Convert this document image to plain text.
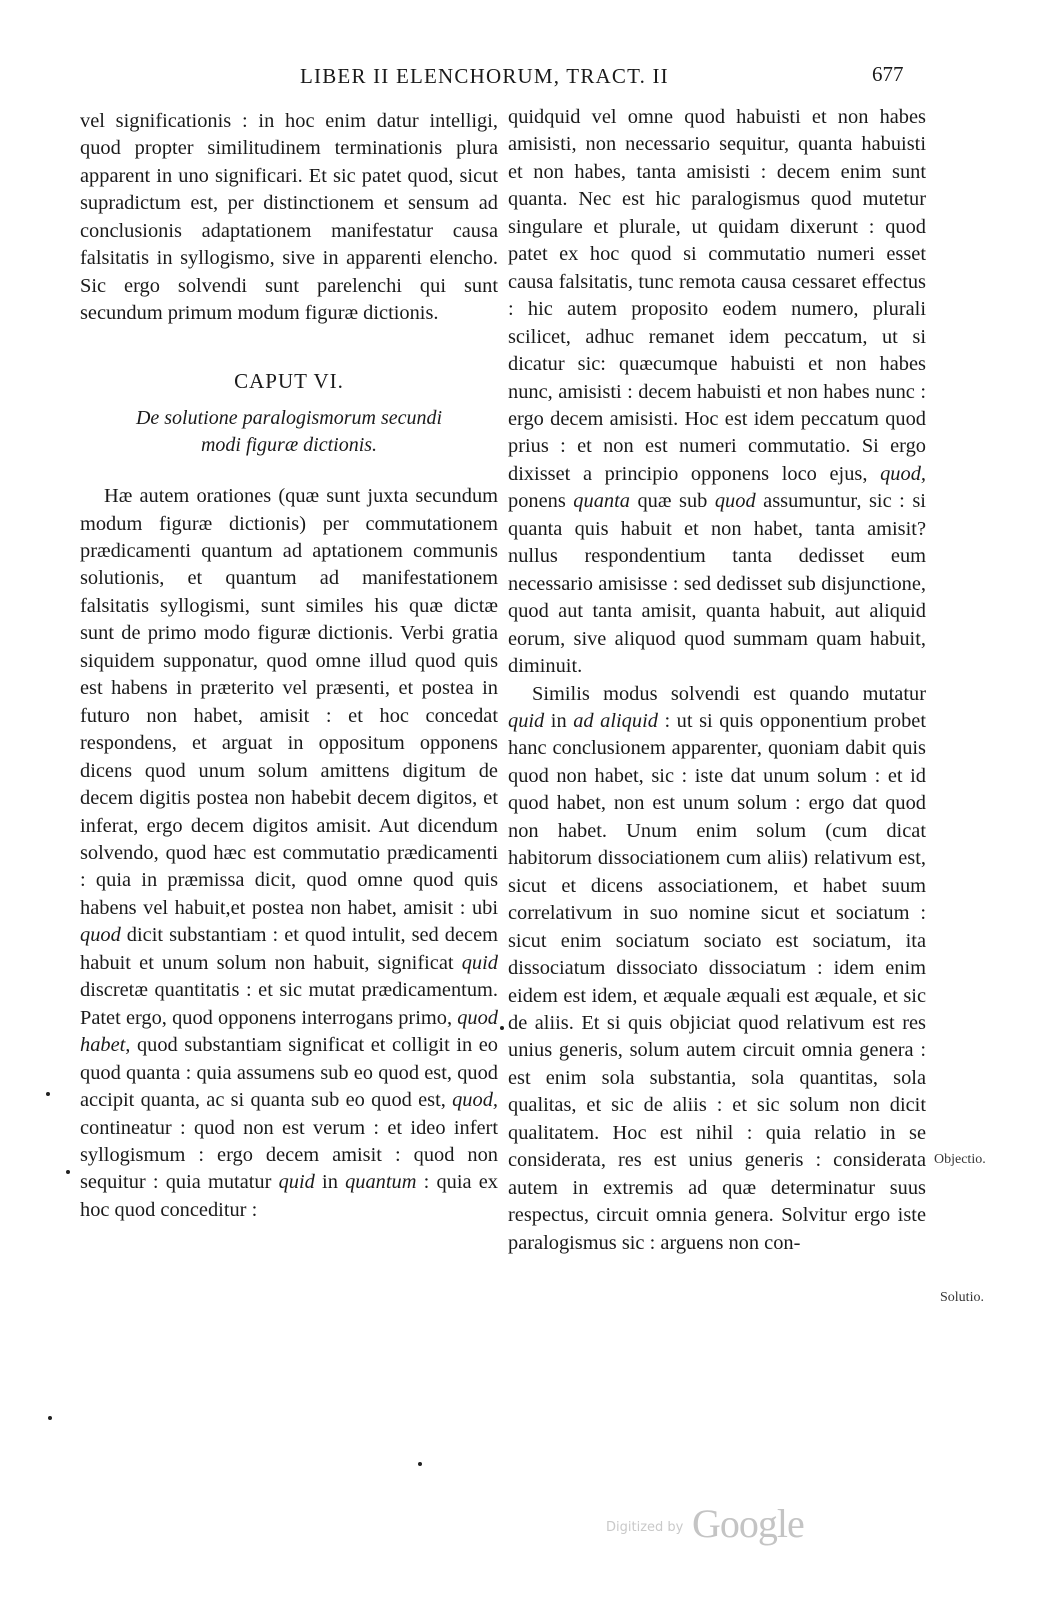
LIBER II ELENCHORUM, TRACT. II	677

vel significationis : in hoc enim datur intelligi, quod propter similitudinem terminationis plura apparent in uno significari. Et sic patet quod, sicut supradictum est, per distinctionem et sensum ad conclusionis adaptationem manifestatur causa falsitatis in syllogismo, sive in apparenti elencho. Sic ergo solvendi sunt parelenchi qui sunt secundum primum modum figuræ dictionis.

CAPUT VI.
De solutione paralogismorum secundi
modi figuræ dictionis.

Hæ autem orationes (quæ sunt juxta secundum modum figuræ dictionis) per commutationem prædicamenti quantum ad aptationem communis solutionis, et quantum ad manifestationem falsitatis syllogismi, sunt similes his quæ dictæ sunt de primo modo figuræ dictionis. Verbi gratia siquidem supponatur, quod omne illud quod quis est habens in præterito vel præsenti, et postea in futuro non habet, amisit : et hoc concedat respondens, et arguat in oppositum opponens dicens quod unum solum amittens digitum de decem digitis postea non habebit decem digitos, et inferat, ergo decem digitos amisit. Aut dicendum solvendo, quod hæc est commutatio prædicamenti : quia in præmissa dicit, quod omne quod quis habens vel habuit,et postea non habet, amisit : ubi quod dicit substantiam : et quod intulit, sed decem habuit et unum solum non habuit, significat quid discretæ quantitatis : et sic mutat prædicamentum. Patet ergo, quod opponens interrogans primo, quod habet, quod substantiam significat et colligit in eo quod quanta : quia assumens sub eo quod est, quod accipit quanta, ac si quanta sub eo quod est, quod, contineatur : quod non est verum : et ideo infert syllogismum : ergo decem amisit : quod non sequitur : quia mutatur quid in quantum : quia ex hoc quod conceditur :

quidquid vel omne quod habuisti et non habes amisisti, non necessario sequitur, quanta habuisti et non habes, tanta amisisti : decem enim sunt quanta. Nec est hic paralogismus quod mutetur singulare et plurale, ut quidam dixerunt : quod patet ex hoc quod si commutatio numeri esset causa falsitatis, tunc remota causa cessaret effectus : hic autem proposito eodem numero, plurali scilicet, adhuc remanet idem peccatum, ut si dicatur sic: quæcumque habuisti et non habes nunc, amisisti : decem habuisti et non habes nunc : ergo decem amisisti. Hoc est idem peccatum quod prius : et non est numeri commutatio. Si ergo dixisset a principio opponens loco ejus, quod, ponens quanta quæ sub quod assumuntur, sic : si quanta quis habuit et non habet, tanta amisit? nullus respondentium tanta dedisset eum necessario amisisse : sed dedisset sub disjunctione, quod aut tanta amisit, quanta habuit, aut aliquid eorum, sive aliquod quod summam quam habuit, diminuit.

Similis modus solvendi est quando mutatur quid in ad aliquid : ut si quis opponentium probet hanc conclusionem apparenter, quoniam dabit quis quod non habet, sic : iste dat unum solum : et id quod habet, non est unum solum : ergo dat quod non habet. Unum enim solum (cum dicat habitorum dissociationem cum aliis) relativum est, sicut et dicens associationem, et habet suum correlativum in suo nomine sicut et sociatum : sicut enim sociatum sociato est sociatum, ita dissociatum dissociato dissociatum : idem enim eidem est idem, et æquale æquali est æquale, et sic de aliis. Et si quis objiciat quod relativum est res unius generis, solum autem circuit omnia genera : est enim sola substantia, sola quantitas, sola qualitas, et sic de aliis : et sic solum non dicit qualitatem. Hoc est nihil : quia relatio in se considerata, res est unius generis : considerata autem in extremis ad quæ determinatur suus respectus, circuit omnia genera. Solvitur ergo iste paralogismus sic : arguens non con-

Objectio.
Solutio.
Digitized by Google
